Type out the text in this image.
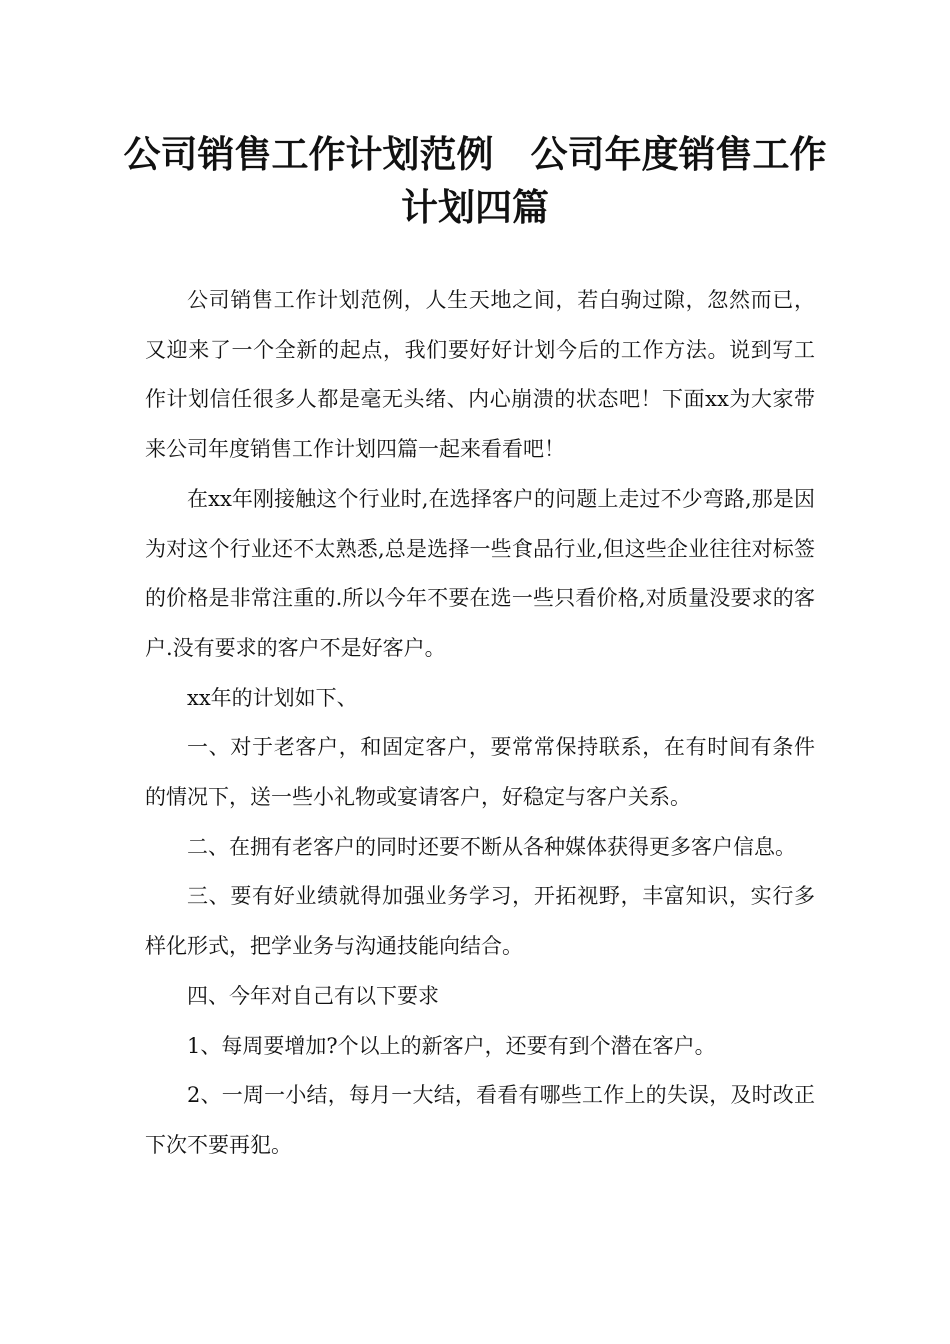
公司销售工作计划范例　公司年度销售工作计划四篇

公司销售工作计划范例，人生天地之间，若白驹过隙，忽然而已，又迎来了一个全新的起点，我们要好好计划今后的工作方法。说到写工作计划信任很多人都是毫无头绪、内心崩溃的状态吧！下面xx为大家带来公司年度销售工作计划四篇一起来看看吧！

在xx年刚接触这个行业时,在选择客户的问题上走过不少弯路,那是因为对这个行业还不太熟悉,总是选择一些食品行业,但这些企业往往对标签的价格是非常注重的.所以今年不要在选一些只看价格,对质量没要求的客户.没有要求的客户不是好客户。

xx年的计划如下、

一、对于老客户，和固定客户，要常常保持联系，在有时间有条件的情况下，送一些小礼物或宴请客户，好稳定与客户关系。

二、在拥有老客户的同时还要不断从各种媒体获得更多客户信息。

三、要有好业绩就得加强业务学习，开拓视野，丰富知识，实行多样化形式，把学业务与沟通技能向结合。

四、今年对自己有以下要求

1、每周要增加?个以上的新客户，还要有到个潜在客户。

2、一周一小结，每月一大结，看看有哪些工作上的失误，及时改正下次不要再犯。
